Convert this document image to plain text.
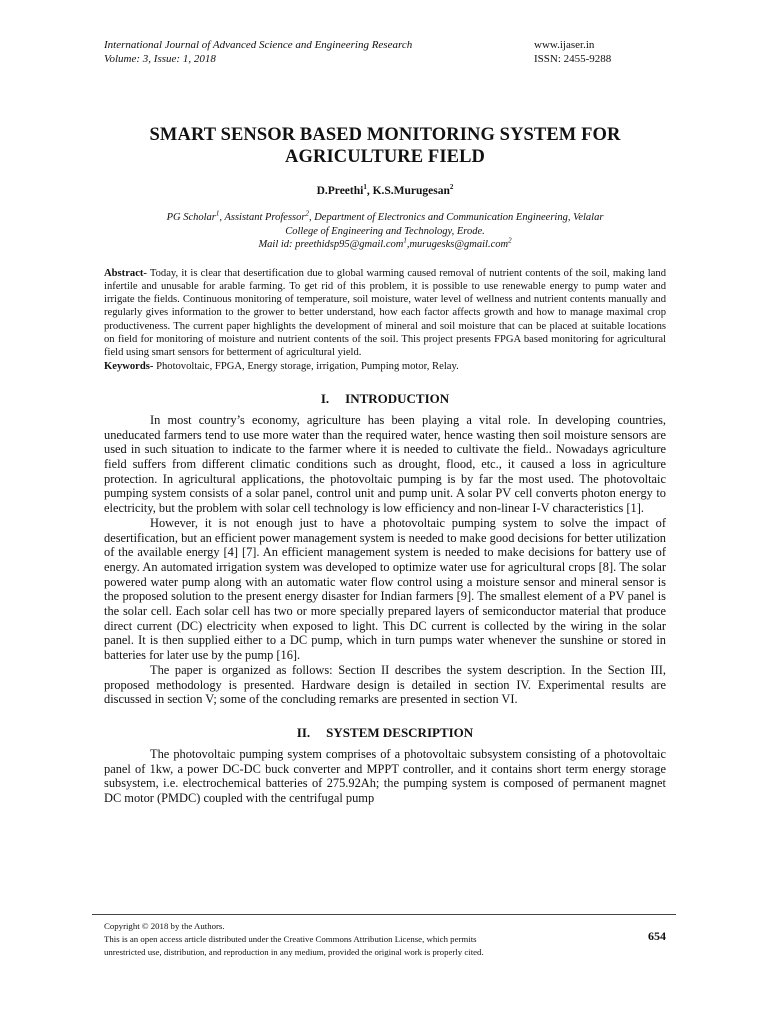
International Journal of Advanced Science and Engineering Research
Volume: 3, Issue: 1, 2018
www.ijaser.in
ISSN: 2455-9288
SMART SENSOR BASED MONITORING SYSTEM FOR
AGRICULTURE FIELD
D.Preethi$^1$, K.S.Murugesan$^2$
PG Scholar$^1$, Assistant Professor$^2$, Department of Electronics and Communication Engineering, Velalar
College of Engineering and Technology, Erode.
Mail id: preethidsp95@gmail.com$^1$,murugesks@gmail.com$^2$
Abstract- Today, it is clear that desertification due to global warming caused removal of nutrient contents of the soil, making land infertile and unusable for arable farming. To get rid of this problem, it is possible to use renewable energy to pump water and irrigate the fields. Continuous monitoring of temperature, soil moisture, water level of wellness and nutrient contents manually and regularly gives information to the grower to better understand, how each factor affects growth and how to manage maximal crop productiveness. The current paper highlights the development of mineral and soil moisture that can be placed at suitable locations on field for monitoring of moisture and nutrient contents of the soil. This project presents FPGA based monitoring for agricultural field using smart sensors for betterment of agricultural yield.
Keywords- Photovoltaic, FPGA, Energy storage, irrigation, Pumping motor, Relay.
I. INTRODUCTION

In most country’s economy, agriculture has been playing a vital role. In developing countries, uneducated farmers tend to use more water than the required water, hence wasting then soil moisture sensors are used in such situation to indicate to the farmer where it is needed to cultivate the field.. Nowadays agriculture field suffers from different climatic conditions such as drought, flood, etc., it caused a loss in agriculture protection. In agricultural applications, the photovoltaic pumping is by far the most used. The photovoltaic pumping system consists of a solar panel, control unit and pump unit. A solar PV cell converts photon energy to electricity, but the problem with solar cell technology is low efficiency and non-linear I-V characteristics [1].

However, it is not enough just to have a photovoltaic pumping system to solve the impact of desertification, but an efficient power management system is needed to make good decisions for better utilization of the available energy [4] [7]. An efficient management system is needed to make decisions for battery use of energy. An automated irrigation system was developed to optimize water use for agricultural crops [8]. The solar powered water pump along with an automatic water flow control using a moisture sensor and mineral sensor is the proposed solution to the present energy disaster for Indian farmers [9]. The smallest element of a PV panel is the solar cell. Each solar cell has two or more specially prepared layers of semiconductor material that produce direct current (DC) electricity when exposed to light. This DC current is collected by the wiring in the solar panel. It is then supplied either to a DC pump, which in turn pumps water whenever the sunshine or stored in batteries for later use by the pump [16].

The paper is organized as follows: Section II describes the system description. In the Section III, proposed methodology is presented. Hardware design is detailed in section IV. Experimental results are discussed in section V; some of the concluding remarks are presented in section VI.

II. SYSTEM DESCRIPTION

The photovoltaic pumping system comprises of a photovoltaic subsystem consisting of a photovoltaic panel of 1kw, a power DC-DC buck converter and MPPT controller, and it contains short term energy storage subsystem, i.e. electrochemical batteries of 275.92Ah; the pumping system is composed of permanent magnet DC motor (PMDC) coupled with the centrifugal pump

Copyright © 2018 by the Authors.
This is an open access article distributed under the Creative Commons Attribution License, which permits
unrestricted use, distribution, and reproduction in any medium, provided the original work is properly cited.
654
